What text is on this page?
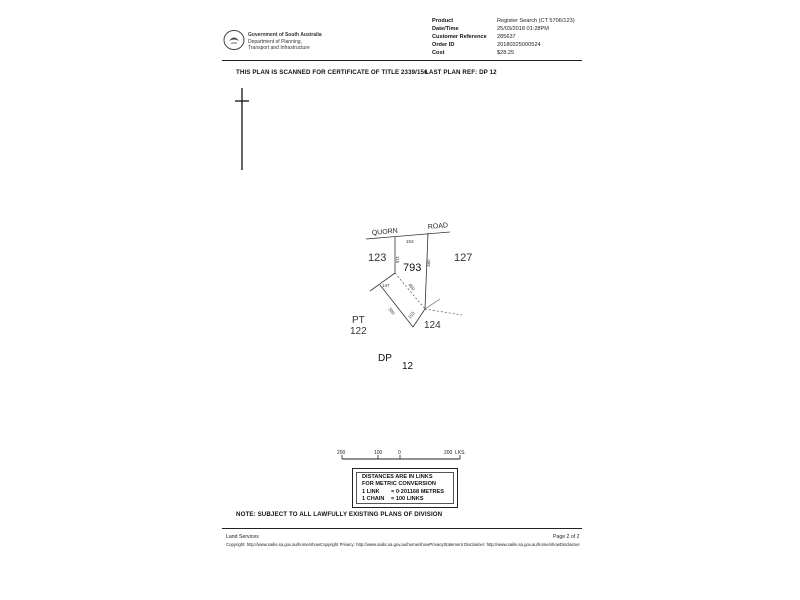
Government of South Australia
Department of Planning,
Transport and Infrastructure
Product	Register Search (CT 5706/123)
Date/Time	25/03/2018 01:28PM
Customer Reference 285637
Order ID	20180325000524
Cost	$28.25
THIS PLAN IS SCANNED FOR CERTIFICATE OF TITLE 2339/156
LAST PLAN REF: DP 12
QUORN
ROAD
793
123	127
124
PT
122
153
115	380
450
147
300 153
DP
12
200	100	0	200 LKS.
DISTANCES ARE IN LINKS
FOR METRIC CONVERSION
1 LINK = 0·201168 METRES
1 CHAIN = 100 LINKS
NOTE: SUBJECT TO ALL LAWFULLY EXISTING PLANS OF DIVISION
Land Services	Page 2 of 2
Copyright: http://www.sailis.sa.gov.au/home/showCopyright Privacy: http://www.sailis.sa.gov.au/home/showPrivacyStatement Disclaimer: http://www.sailis.sa.gov.au/home/showDisclaimer
